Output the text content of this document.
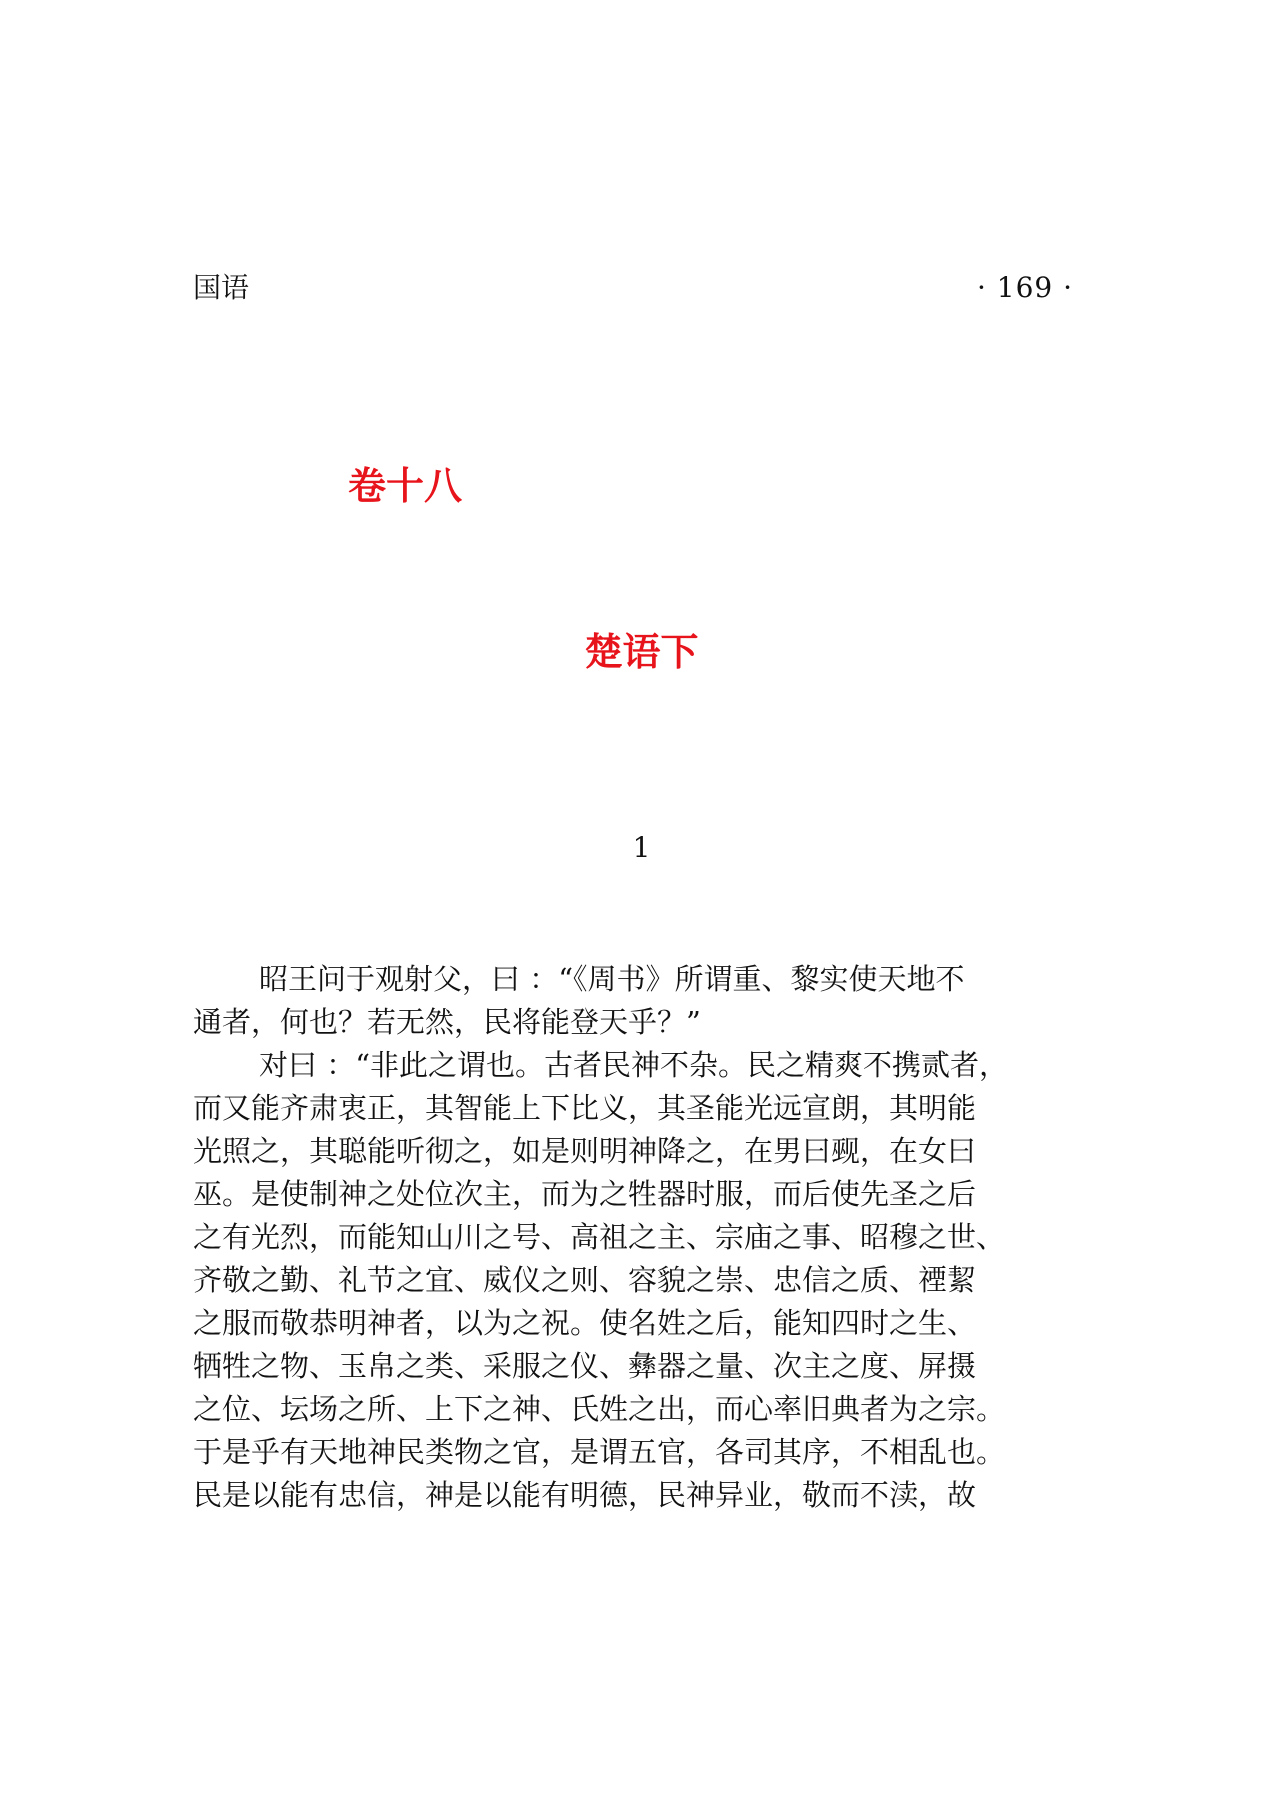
国语	· 169 ·
卷十八
楚语下
1
昭王问于观射父，曰 ：“《周书》所谓重、黎实使天地不
通者，何也？若无然，民将能登天乎？”
对曰 ：“非此之谓也。古者民神不杂。民之精爽不携贰者，
而又能齐肃衷正，其智能上下比义，其圣能光远宣朗，其明能
光照之，其聪能听彻之，如是则明神降之，在男曰觋，在女曰
巫。是使制神之处位次主，而为之牲器时服，而后使先圣之后
之有光烈，而能知山川之号、高祖之主、宗庙之事、昭穆之世、
齐敬之勤、礼节之宜、威仪之则、容貌之崇、忠信之质、禋絜
之服而敬恭明神者，以为之祝。使名姓之后，能知四时之生、
牺牲之物、玉帛之类、采服之仪、彝器之量、次主之度、屏摄
之位、坛场之所、上下之神、氏姓之出，而心率旧典者为之宗。
于是乎有天地神民类物之官，是谓五官，各司其序，不相乱也。
民是以能有忠信，神是以能有明德，民神异业，敬而不渎，故
